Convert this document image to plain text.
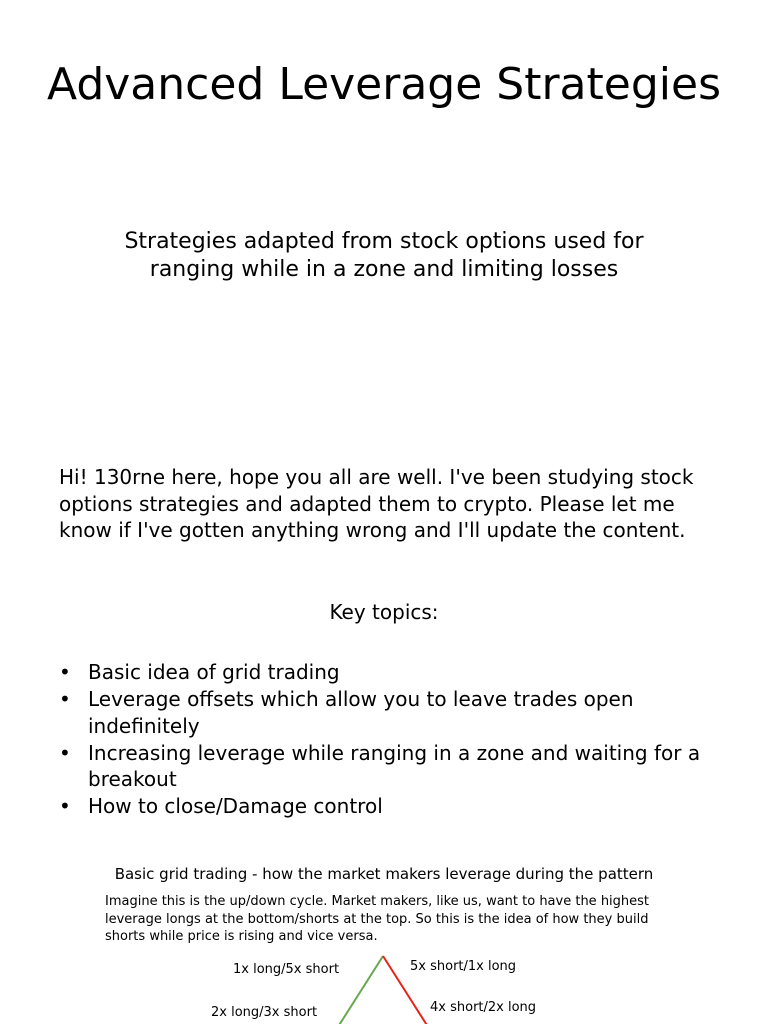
Advanced Leverage Strategies
Strategies adapted from stock options used for ranging while in a zone and limiting losses
Hi! 130rne here, hope you all are well. I've been studying stock options strategies and adapted them to crypto. Please let me know if I've gotten anything wrong and I'll update the content.
Key topics:
• Basic idea of grid trading
• Leverage offsets which allow you to leave trades open indefinitely
• Increasing leverage while ranging in a zone and waiting for a breakout
• How to close/Damage control
Basic grid trading - how the market makers leverage during the pattern
Imagine this is the up/down cycle. Market makers, like us, want to have the highest leverage longs at the bottom/shorts at the top. So this is the idea of how they build shorts while price is rising and vice versa.
1x long/5x short
2x long/3x short
5x short/1x long
4x short/2x long
